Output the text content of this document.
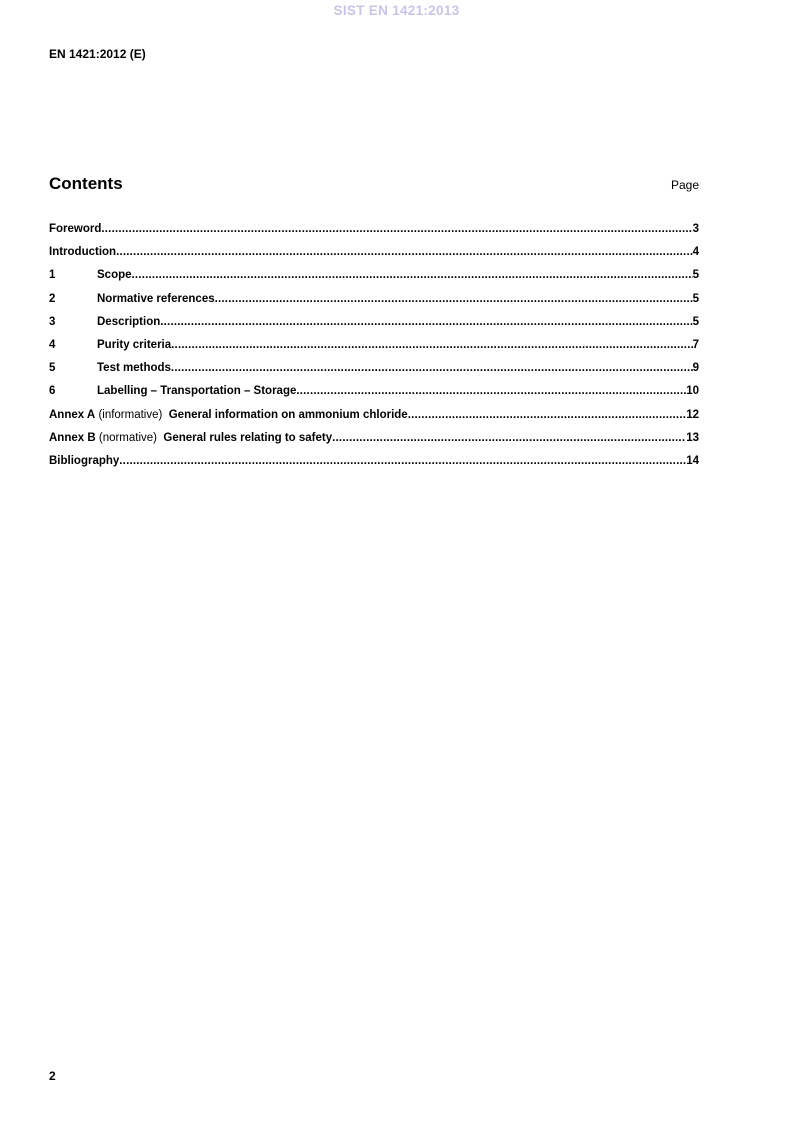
SIST EN 1421:2013
EN 1421:2012 (E)
Contents	Page
Foreword .....	3
Introduction .....	4
1	Scope .....	5
2	Normative references .....	5
3	Description .....	5
4	Purity criteria .....	7
5	Test methods .....	9
6	Labelling – Transportation – Storage .....	10
Annex A (informative) General information on ammonium chloride .....	12
Annex B (normative) General rules relating to safety .....	13
Bibliography .....	14
2
